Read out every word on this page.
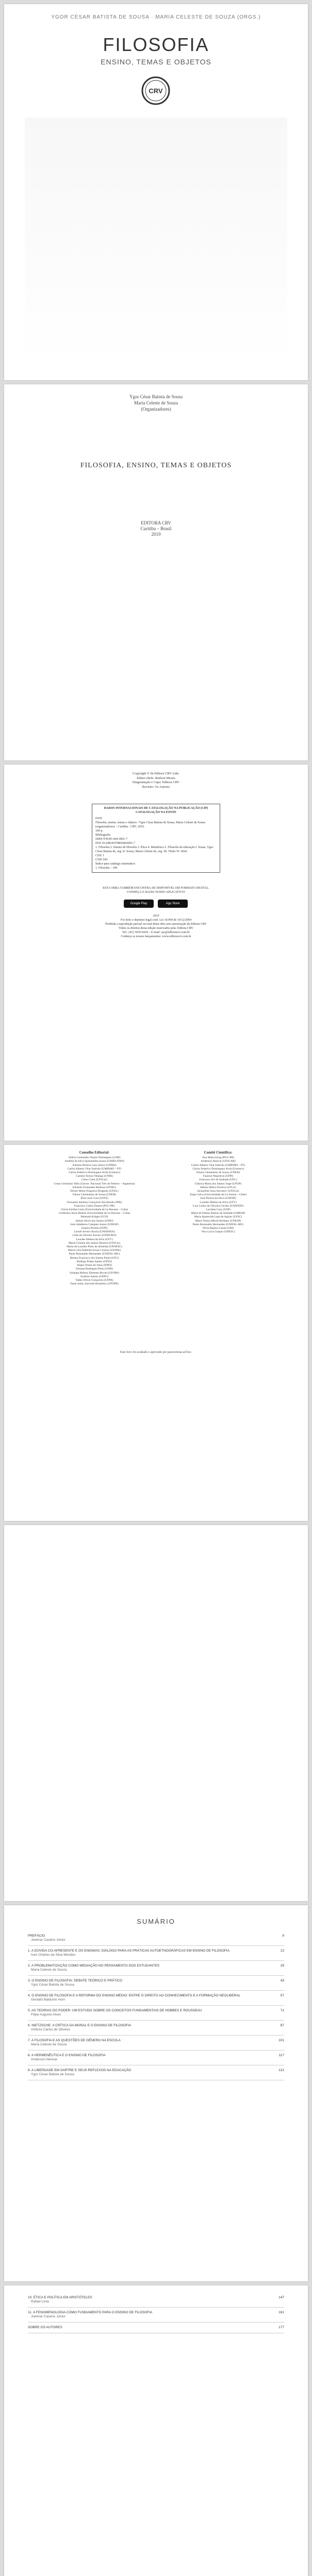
YGOR CÉSAR BATISTA DE SOUSA · MARIA CELESTE DE SOUZA (ORGS.)
FILOSOFIA
ENSINO, TEMAS E OBJETOS
CRV
Ygor César Batista de Sousa
Maria Celeste de Souza
(Organizadores)
FILOSOFIA, ENSINO, TEMAS E OBJETOS
EDITORA CRV
Curitiba – Brasil
2019
Copyright © da Editora CRV Ltda.
Editor-chefe: Railson Moura
Diagramação e Capa: Editora CRV
Revisão: Os Autores
DADOS INTERNACIONAIS DE CATALOGAÇÃO NA PUBLICAÇÃO (CIP) CATALOGAÇÃO NA FONTE
F478
Filosofia, ensino, temas e objetos / Ygor César Batista de Sousa, Maria Celeste de Souza (organizadores) – Curitiba : CRV, 2019.
184 p.
Bibliografia
ISBN 978-85-444-3001-7
DOI 10.24824/978854443001.7
1. Filosofia 2. Ensino de filosofia 3. Ética 4. Metafísica 5. Filosofia da educação I. Sousa, Ygor César Batista de, org. II. Souza, Maria Celeste de, org. III. Título IV. Série
CDU 1
CDD 100
Índice para catálogo sistemático
1. Filosofia – 100
ESTA OBRA TAMBÉM ENCONTRA-SE DISPONÍVEL EM FORMATO DIGITAL.
CONHEÇA E BAIXE NOSSO APLICATIVO!
Google Play	App Store
2019
Foi feito o depósito legal conf. Lei 10.994 de 14/12/2004
Proibida a reprodução parcial ou total desta obra sem autorização da Editora CRV
Todos os direitos desta edição reservados pela: Editora CRV
Tel.: (41) 3039-6418 – E-mail: sac@editoracrv.com.br
Conheça os nossos lançamentos: www.editoracrv.com.br
Conselho Editorial:
Aldira Guimarães Duarte Domínguez (UNB)
Andréia da Silva Quintanilha Sousa (UNIR/UFRN)
Antônio Pereira Gaio Júnior (UFRRJ)
Carlos Alberto Vilar Estêvão (UMINHO – PT)
Carlos Federico Dominguez Avila (Unieuro)
Carmen Tereza Velanga (UNIR)
Celso Conti (UFSCar)
Cesar Gerónimo Tello (Univer. Nacional Três de Febrero – Argentina)
Eduardo Fernandes Barbosa (UFMG)
Elione Maria Nogueira Diogenes (UFAL)
Elizeu Clementino de Souza (UNEB)
Élsio José Corá (UFFS)
Fernando Antônio Gonçalves Alcoforado (IPB)
Francisco Carlos Duarte (PUC-PR)
Gloria Fariñas León (Universidade de La Havana – Cuba)
Guillermo Arias Beatón (Universidade de La Havana – Cuba)
Helmuth Krüger (UCP)
Jailson Alves dos Santos (UFRJ)
João Adalberto Campato Junior (UNESP)
Josania Portela (UFPI)
Leonel Severo Rocha (UNISINOS)
Lídia de Oliveira Xavier (UNIEURO)
Lourdes Helena da Silva (UFV)
Maria Cristina dos Santos Bezerra (UFSCar)
Maria de Lourdes Pinto de Almeida (UNOESC)
Maria Lília Imbiriba Sousa Colares (UFOPA)
Paulo Romualdo Hernandes (UNIFAL-MG)
Renato Francisco dos Santos Paula (UFG)
Rodrigo Pratte-Santos (UFES)
Sérgio Nunes de Jesus (IFRO)
Simone Rodrigues Pinto (UNB)
Solange Helena Ximenes-Rocha (UFOPA)
Sydione Santos (UEPG)
Tadeu Oliver Gonçalves (UFPA)
Tania Suely Azevedo Brasileiro (UFOPA)
Comitê Científico:
Ana Maria Eyng (PUC-PR)
Anderson Alencar (UFSCAR)
Carlos Alberto Vilar Estêvão (UMINHO – PT)
Carlos Federico Dominguez Avila (Unieuro)
Elizeu Clementino de Souza (UNEB)
Fauston Negreiros (UFPI)
Francisco Ari de Andrade (UFC)
Gláucia Maria dos Santos Jorge (UFOP)
Helena Maria Ferreira (UFLA)
Jacqueline Sosa Stavanov (UFSCar)
Jorge Calvo (Universidade de La Serena – Chile)
José Pereira da Silva (UNESP)
Lourdes Helena da Silva (UFV)
Luiz Carlos de Oliveira Cecilio (UNIFESP)
Lucilene Cury (USP)
Maria de Fátima Ramos de Andrade (UMESP)
Maria Aparecida Lapa de Aguiar (UFSC)
Maria Teresa Miceli Kerbauy (UNESP)
Paulo Romualdo Hernandes (UNIFAL-MG)
Silvia Regina Canan (URI)
Vera Lucia Gaspar (UDESC)
Este livro foi avaliado e aprovado por pareceristas ad hoc.
SUMÁRIO
PREFÁCIO	9
Joelmar Casério Júnior
1. A DÚVIDA CO-APRESENTE E OS ENIGMAS: DIÁLOGO PARA AS PRÁTICAS AUTOETNOGRÁFICAS EM ENSINO DE FILOSOFIA	13
Ivan Charles da Silva Mendes
2. A PROBLEMATIZAÇÃO COMO MEDIAÇÃO NO PENSAMENTO DOS ESTUDANTES	29
Maria Celeste de Souza
3. O ENSINO DE FILOSOFIA: DEBATE TEÓRICO E PRÁTICO	43
Ygor César Batista de Sousa
4. O ENSINO DE FILOSOFIA E A REFORMA DO ENSINO MÉDIO: ENTRE O DIREITO AO CONHECIMENTO E A FORMAÇÃO NEOLIBERAL	57
Geraldo Balduíno Horn
5. AS TEORIAS DO PODER: UM ESTUDO SOBRE OS CONCEITOS FUNDAMENTAIS DE HOBBES E ROUSSEAU	71
Filipe Augusto Alves
6. NIETZSCHE: A CRÍTICA DA MORAL E O ENSINO DE FILOSOFIA	87
Antônio Carlos de Oliveira
7. A FILOSOFIA E AS QUESTÕES DE GÊNERO NA ESCOLA	101
Maria Celeste de Souza
8. A HERMENÊUTICA E O ENSINO DE FILOSOFIA	117
Anderson Alencar
9. A LIBERDADE EM SARTRE E SEUS REFLEXOS NA EDUCAÇÃO	131
Ygor César Batista de Sousa
10. ÉTICA E POLÍTICA EM ARISTÓTELES	147
Rafael Lima
11. A FENOMENOLOGIA COMO FUNDAMENTO PARA O ENSINO DE FILOSOFIA	161
Joelmar Casério Júnior
SOBRE OS AUTORES	177
